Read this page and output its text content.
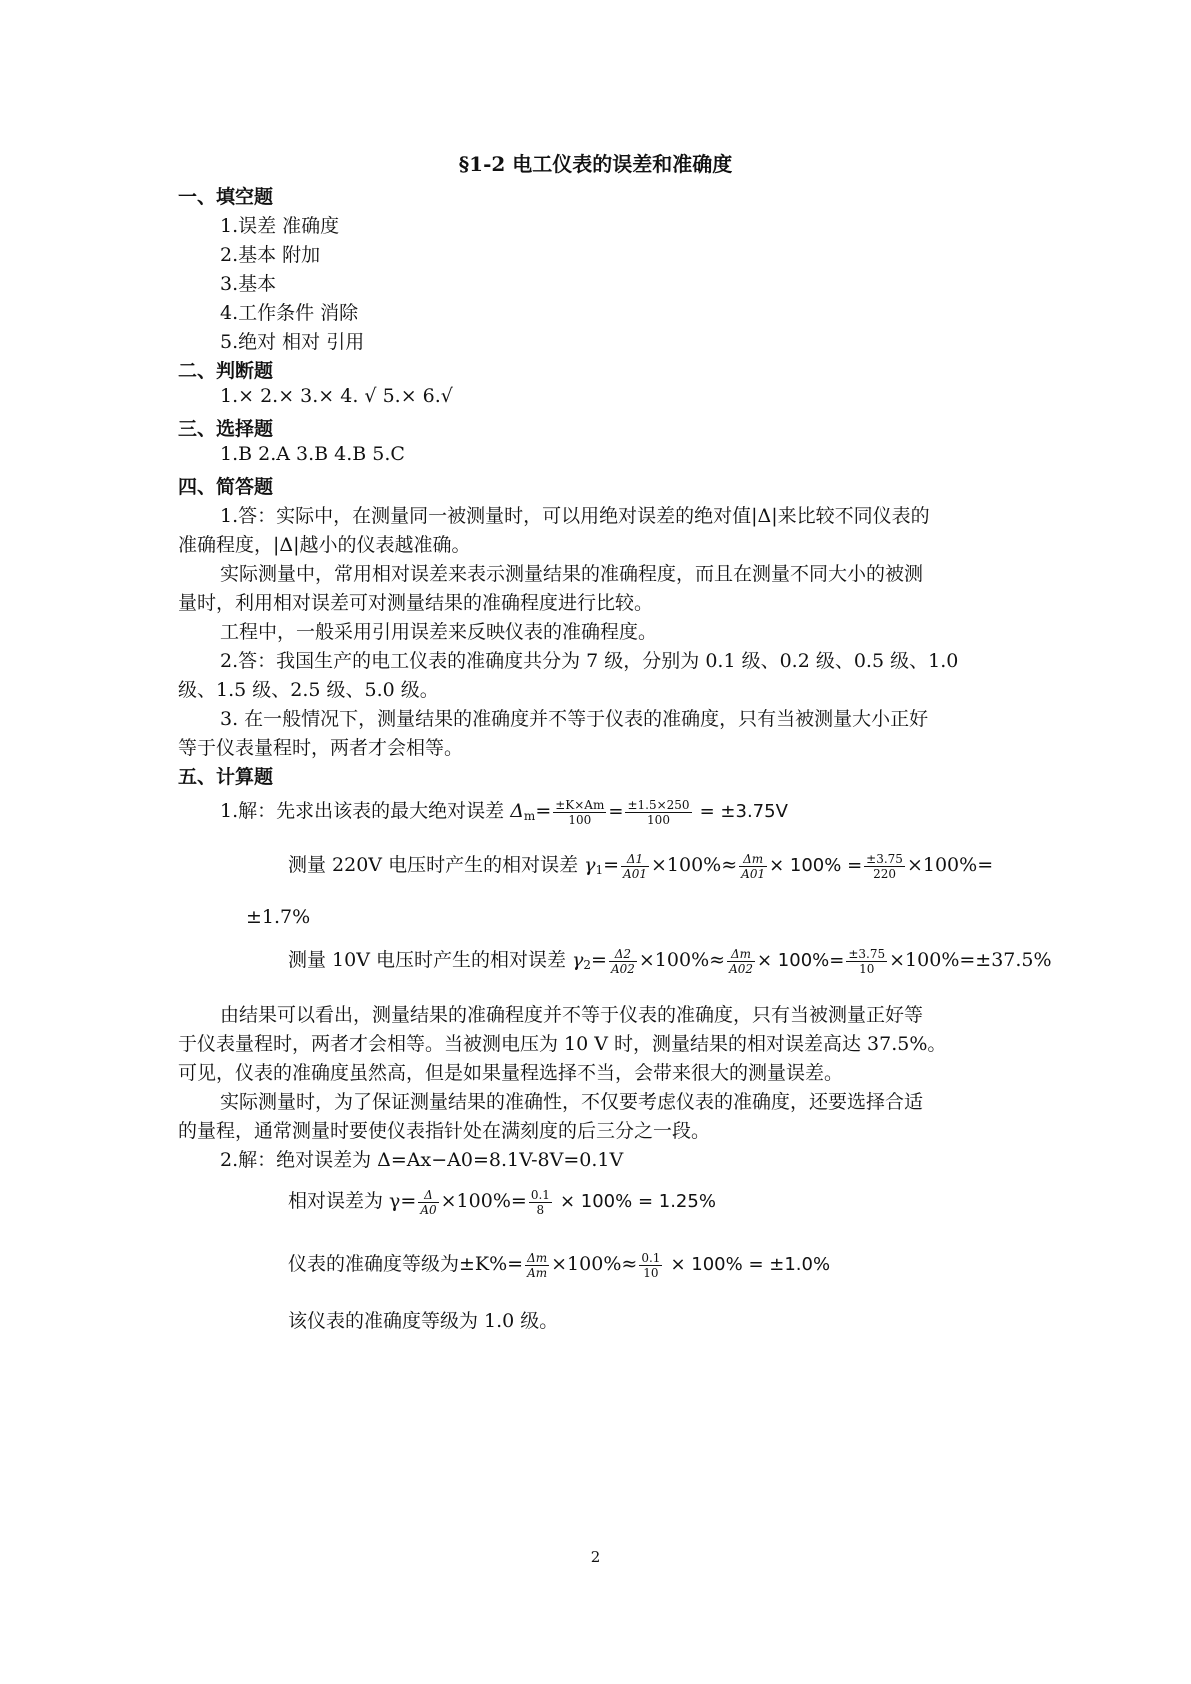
§1-2 电工仪表的误差和准确度
一、填空题
1.误差 准确度
2.基本 附加
3.基本
4.工作条件 消除
5.绝对 相对 引用
二、判断题
1.× 2.× 3.× 4. √ 5.× 6.√
三、选择题
1.B 2.A 3.B 4.B 5.C
四、简答题
1.答：实际中，在测量同一被测量时，可以用绝对误差的绝对值|Δ|来比较不同仪表的
准确程度，|Δ|越小的仪表越准确。
实际测量中，常用相对误差来表示测量结果的准确程度，而且在测量不同大小的被测
量时，利用相对误差可对测量结果的准确程度进行比较。
工程中，一般采用引用误差来反映仪表的准确程度。
2.答：我国生产的电工仪表的准确度共分为 7 级，分别为 0.1 级、0.2 级、0.5 级、1.0
级、1.5 级、2.5 级、5.0 级。
3. 在一般情况下，测量结果的准确度并不等于仪表的准确度，只有当被测量大小正好
等于仪表量程时，两者才会相等。
五、计算题
1.解：先求出该表的最大绝对误差 $\Delta_m= \frac{\pm K\times Am}{100} = \frac{\pm 1.5\times 250}{100} = \pm 3.75V$
测量 220V 电压时产生的相对误差 $\gamma_1= \frac{\Delta 1}{A01} \times 100\%\approx \frac{\Delta m}{A01} \times 100\% = \frac{\pm 3.75}{220} \times 100\%=$
±1.7%
测量 10V 电压时产生的相对误差 $\gamma_2= \frac{\Delta 2}{A02} \times 100\%\approx \frac{\Delta m}{A02} \times 100\%= \frac{\pm 3.75}{10} \times 100\%=\pm 37.5\%$
由结果可以看出，测量结果的准确程度并不等于仪表的准确度，只有当被测量正好等
于仪表量程时，两者才会相等。当被测电压为 10 V 时，测量结果的相对误差高达 37.5%。
可见，仪表的准确度虽然高，但是如果量程选择不当，会带来很大的测量误差。
实际测量时，为了保证测量结果的准确性，不仅要考虑仪表的准确度，还要选择合适
的量程，通常测量时要使仪表指针处在满刻度的后三分之一段。
2.解：绝对误差为 Δ=Ax−A0=8.1V-8V=0.1V
相对误差为 $\gamma= \frac{\Delta}{A0} \times 100\%= \frac{0.1}{8} \times 100\% = 1.25\%$
仪表的准确度等级为$\pm K\%= \frac{\Delta m}{Am} \times 100\%\approx \frac{0.1}{10} \times 100\% = \pm 1.0\%$
该仪表的准确度等级为 1.0 级。
2
